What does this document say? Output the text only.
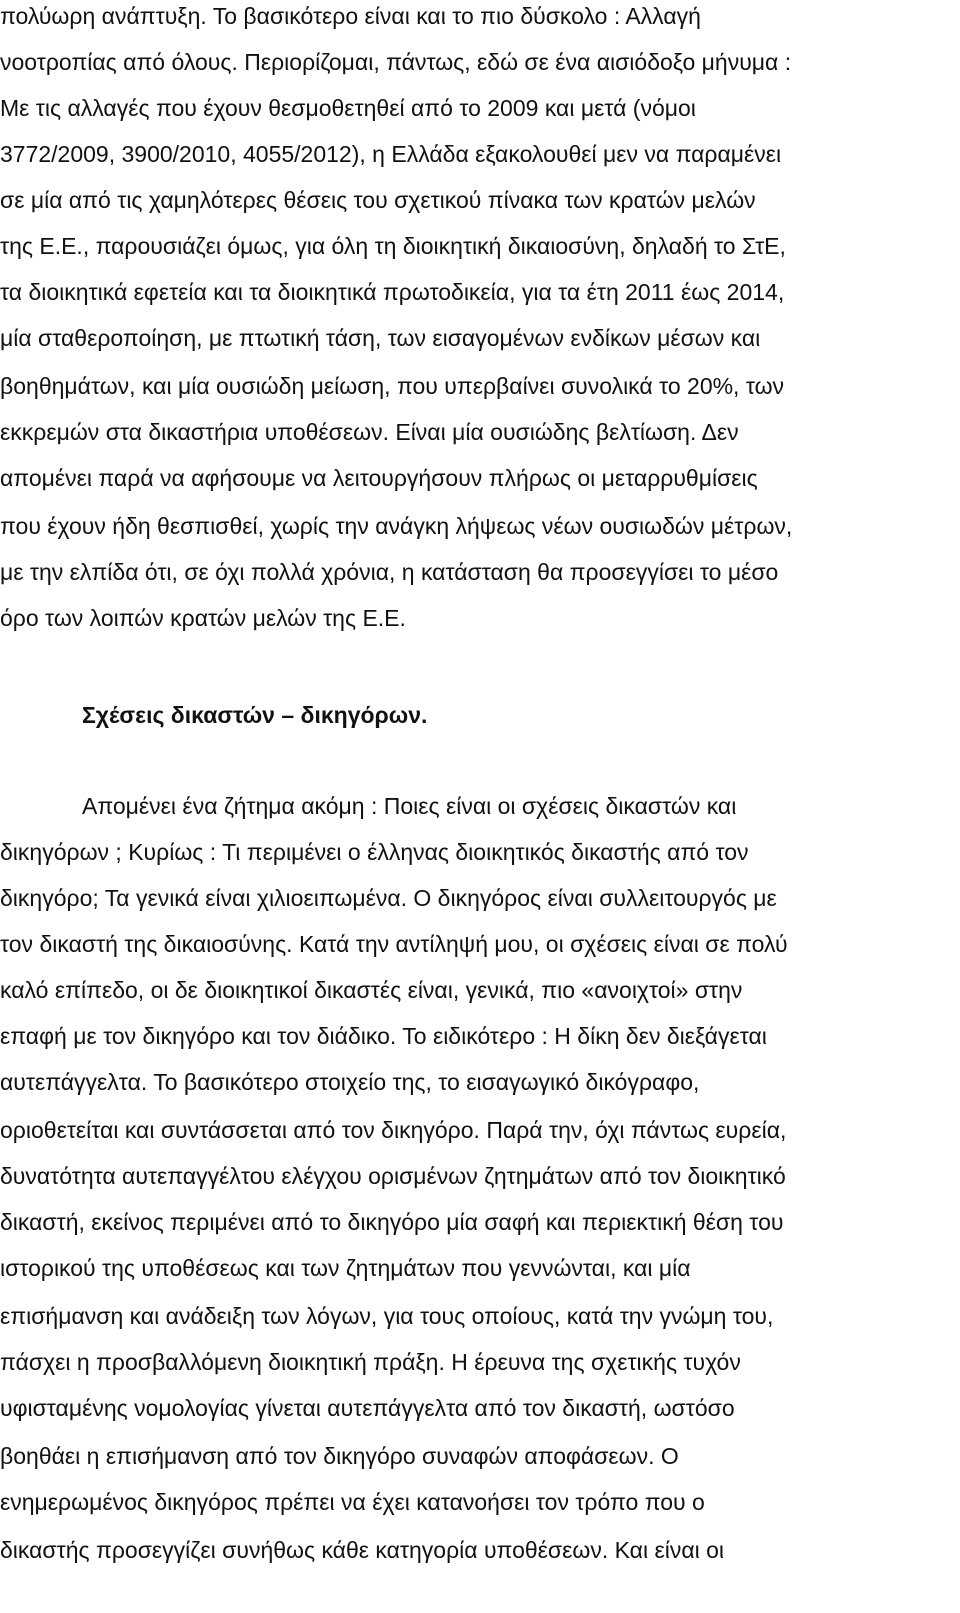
πολύωρη ανάπτυξη. Το βασικότερο είναι και το πιο δύσκολο : Αλλαγή
νοοτροπίας από όλους. Περιορίζομαι, πάντως, εδώ σε ένα αισιόδοξο μήνυμα :
Με τις αλλαγές που έχουν θεσμοθετηθεί από το 2009 και μετά (νόμοι
3772/2009, 3900/2010, 4055/2012), η Ελλάδα εξακολουθεί μεν να παραμένει
σε μία από τις χαμηλότερες θέσεις του σχετικού πίνακα των κρατών μελών
της Ε.Ε., παρουσιάζει όμως, για όλη τη διοικητική δικαιοσύνη, δηλαδή το ΣτΕ,
τα διοικητικά εφετεία και τα διοικητικά πρωτοδικεία, για τα έτη 2011 έως 2014,
μία σταθεροποίηση, με πτωτική τάση, των εισαγομένων ενδίκων μέσων και
βοηθημάτων, και μία ουσιώδη μείωση, που υπερβαίνει συνολικά το 20%, των
εκκρεμών στα δικαστήρια υποθέσεων. Είναι μία ουσιώδης βελτίωση. Δεν
απομένει παρά να αφήσουμε να λειτουργήσουν πλήρως οι μεταρρυθμίσεις
που έχουν ήδη θεσπισθεί, χωρίς την ανάγκη λήψεως νέων ουσιωδών μέτρων,
με την ελπίδα ότι, σε όχι πολλά χρόνια, η κατάσταση θα προσεγγίσει το μέσο
όρο των λοιπών κρατών μελών της Ε.Ε.
Σχέσεις δικαστών – δικηγόρων.
Απομένει ένα ζήτημα ακόμη : Ποιες είναι οι σχέσεις δικαστών και
δικηγόρων ; Κυρίως : Τι περιμένει ο έλληνας διοικητικός δικαστής από τον
δικηγόρο; Τα γενικά είναι χιλιοειπωμένα. Ο δικηγόρος είναι συλλειτουργός με
τον δικαστή της δικαιοσύνης. Κατά την αντίληψή μου, οι σχέσεις είναι σε πολύ
καλό επίπεδο, οι δε διοικητικοί δικαστές είναι, γενικά, πιο «ανοιχτοί» στην
επαφή με τον δικηγόρο και τον διάδικο. Το ειδικότερο : Η δίκη δεν διεξάγεται
αυτεπάγγελτα. Το βασικότερο στοιχείο της, το εισαγωγικό δικόγραφο,
οριοθετείται και συντάσσεται από τον δικηγόρο. Παρά την, όχι πάντως ευρεία,
δυνατότητα αυτεπαγγέλτου ελέγχου ορισμένων ζητημάτων από τον διοικητικό
δικαστή, εκείνος περιμένει από το δικηγόρο μία σαφή και περιεκτική θέση του
ιστορικού της υποθέσεως και των ζητημάτων που γεννώνται, και μία
επισήμανση και ανάδειξη των λόγων, για τους οποίους, κατά την γνώμη του,
πάσχει η προσβαλλόμενη διοικητική πράξη. Η έρευνα της σχετικής τυχόν
υφισταμένης νομολογίας γίνεται αυτεπάγγελτα από τον δικαστή, ωστόσο
βοηθάει η επισήμανση από τον δικηγόρο συναφών αποφάσεων. Ο
ενημερωμένος δικηγόρος πρέπει να έχει κατανοήσει τον τρόπο που ο
δικαστής προσεγγίζει συνήθως κάθε κατηγορία υποθέσεων. Και είναι οι
